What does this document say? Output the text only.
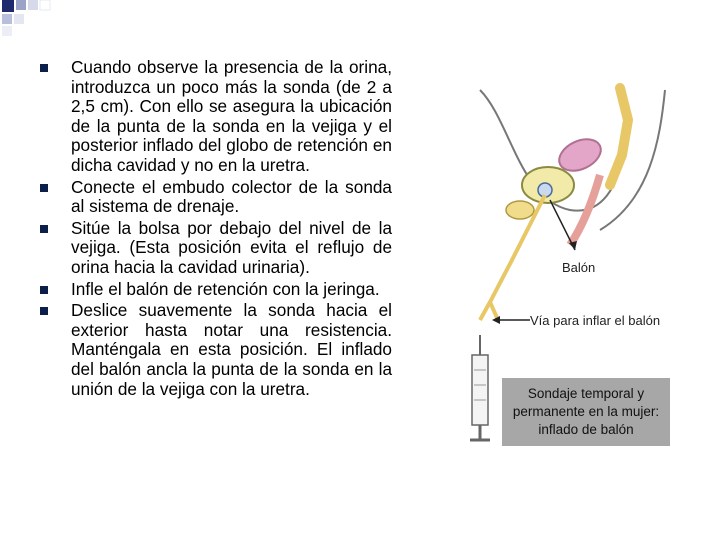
Cuando observe la presencia de la orina, introduzca un poco más la sonda (de 2 a 2,5 cm). Con ello se asegura la ubicación de la punta de la sonda en la vejiga y el posterior inflado del globo de retención en dicha cavidad y no en la uretra.
Conecte el embudo colector de la sonda al sistema de drenaje.
Sitúe la bolsa por debajo del nivel de la vejiga. (Esta posición evita el reflujo de orina hacia la cavidad urinaria).
Infle el balón de retención con la jeringa.
Deslice suavemente la sonda hacia el exterior hasta notar una resistencia. Manténgala en esta posición. El inflado del balón ancla la punta de la sonda en la unión de la vejiga con la uretra.
Balón
Vía para inflar el balón
Sondaje temporal y
permanente en la mujer:
inflado de balón
